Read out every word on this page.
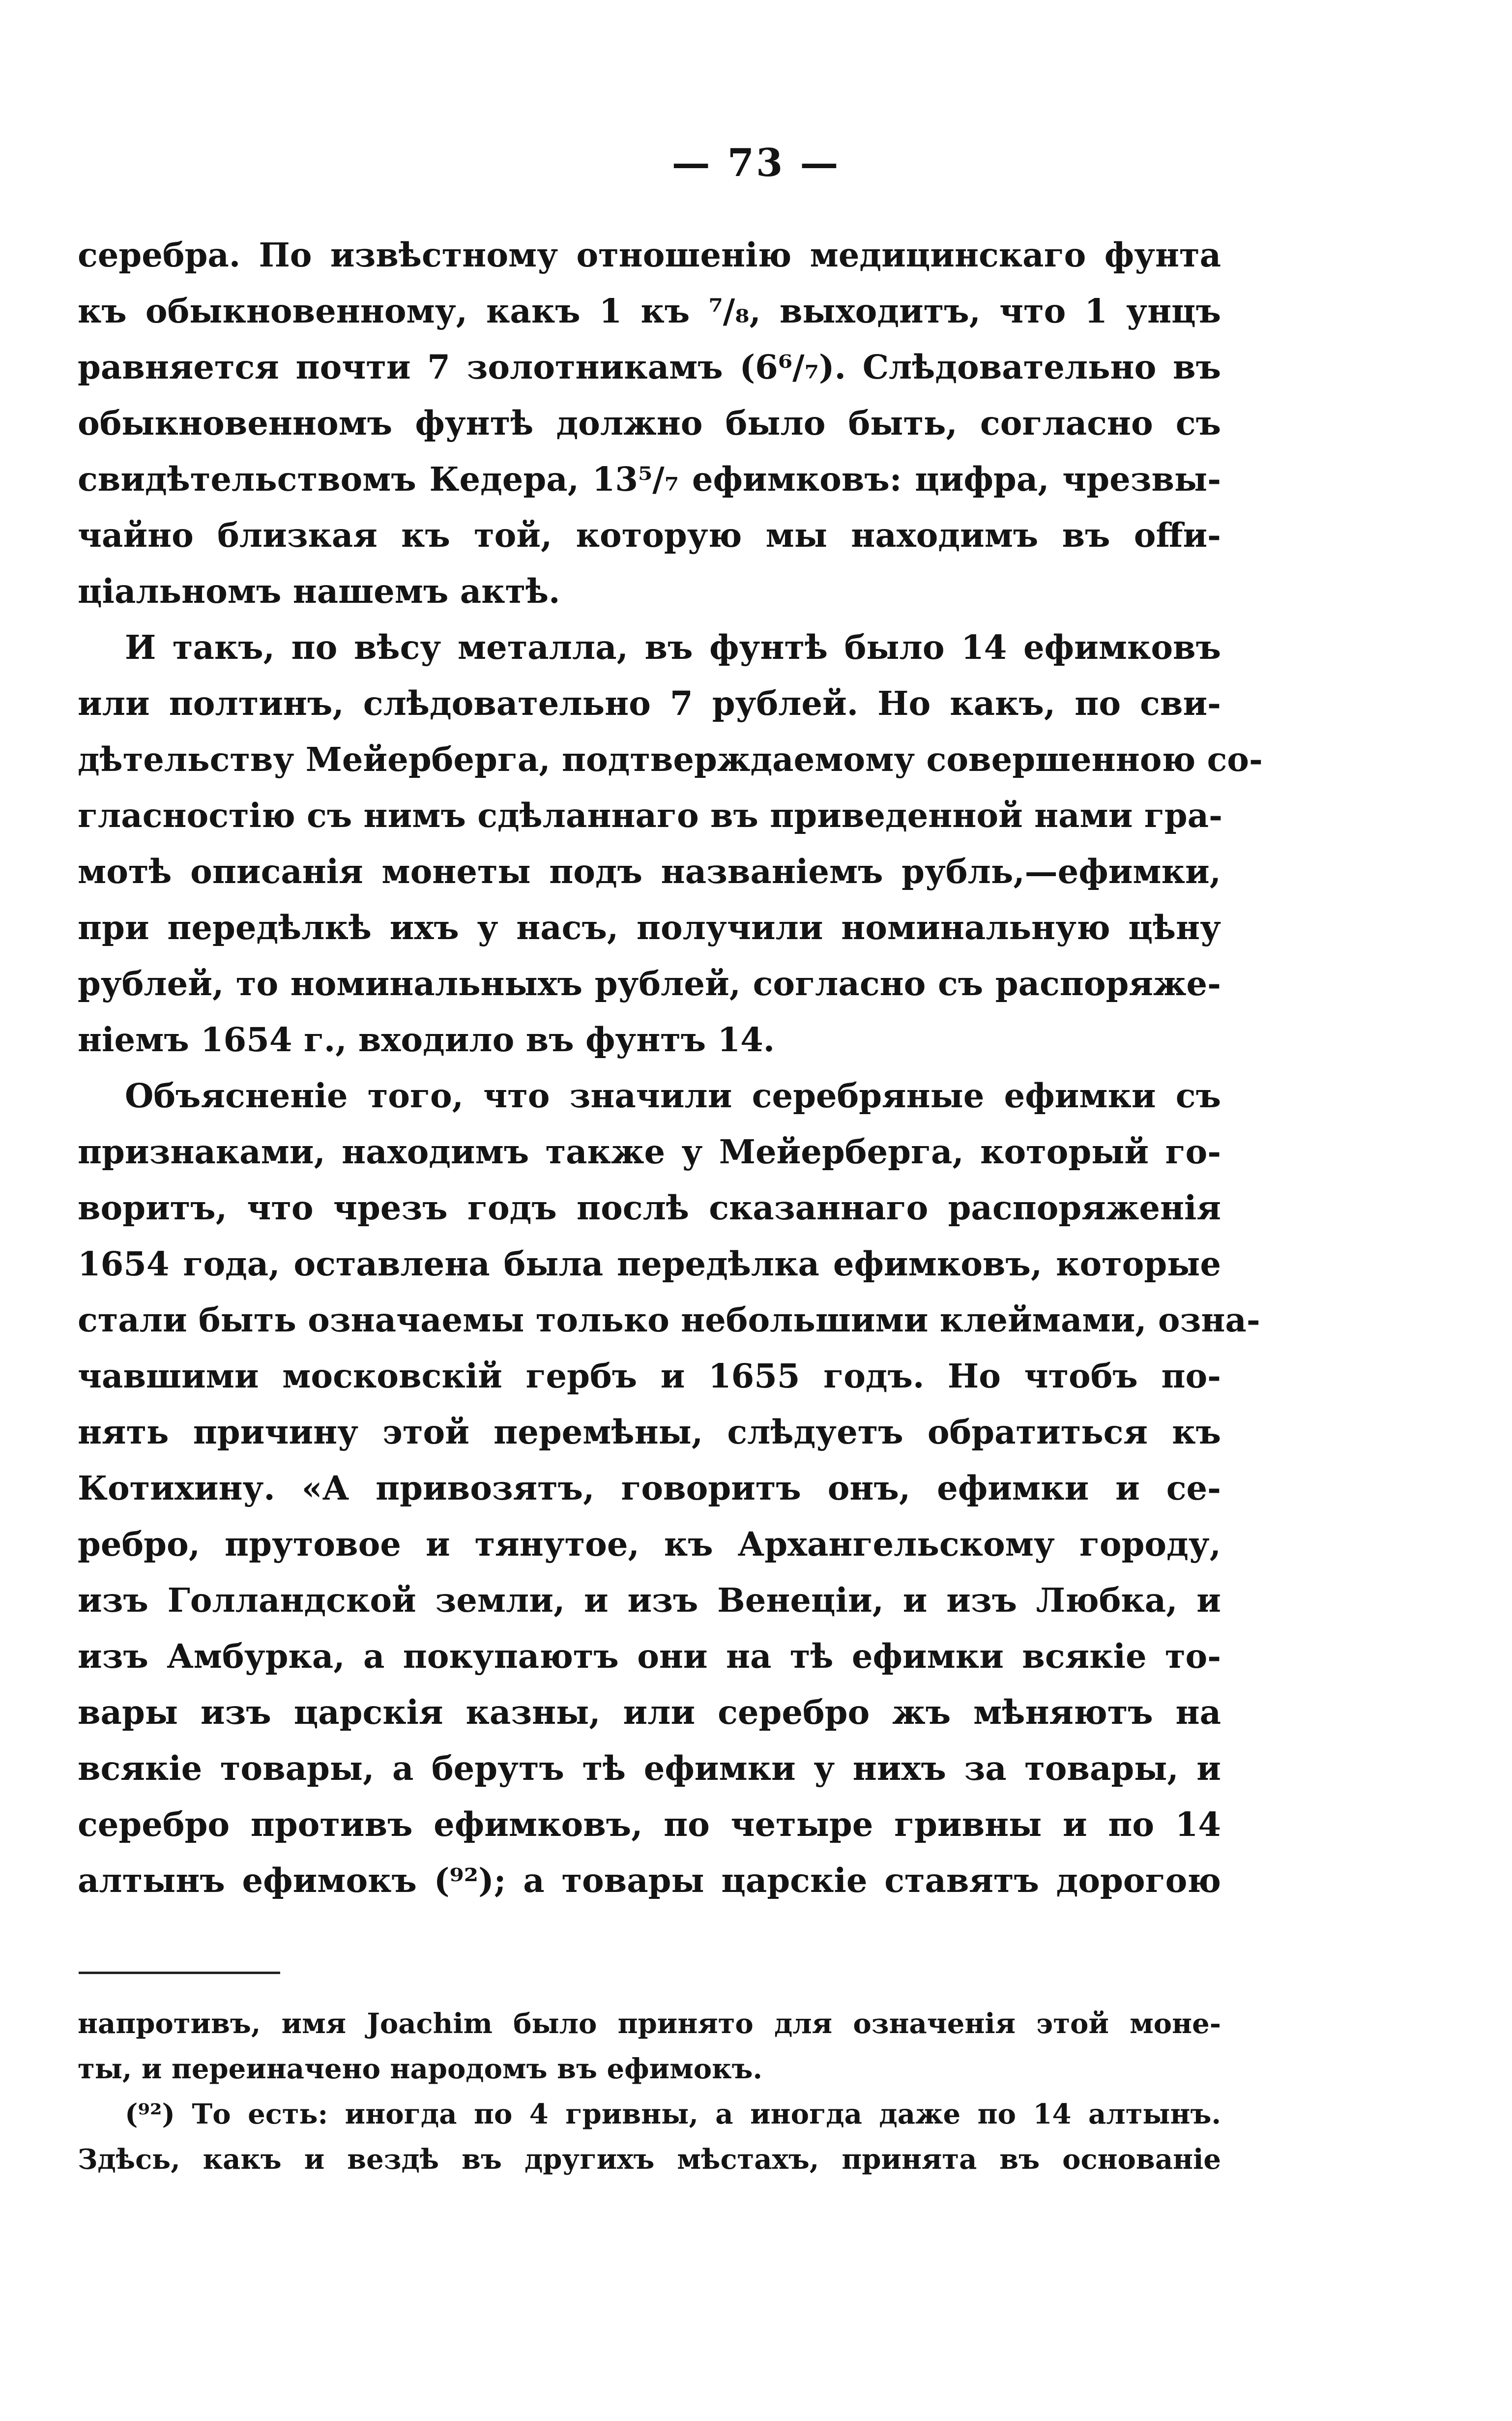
— 73 —
серебра. По извѣстному отношенію медицинскаго фунта
къ обыкновенному, какъ 1 къ ⁷/₈, выходитъ, что 1 унцъ
равняется почти 7 золотникамъ (6⁶/₇). Слѣдовательно въ
обыкновенномъ фунтѣ должно было быть, согласно съ
свидѣтельствомъ Кедера, 13⁵/₇ ефимковъ: цифра, чрезвы-
чайно близкая къ той, которую мы находимъ въ offи-
ціальномъ нашемъ актѣ.
И такъ, по вѣсу металла, въ фунтѣ было 14 ефимковъ
или полтинъ, слѣдовательно 7 рублей. Но какъ, по сви-
дѣтельству Мейерберга, подтверждаемому совершенною со-
гласностію съ нимъ сдѣланнаго въ приведенной нами гра-
мотѣ описанія монеты подъ названіемъ рубль,—ефимки,
при передѣлкѣ ихъ у насъ, получили номинальную цѣну
рублей, то номинальныхъ рублей, согласно съ распоряже-
ніемъ 1654 г., входило въ фунтъ 14.
Объясненіе того, что значили серебряные ефимки съ
признаками, находимъ также у Мейерберга, который го-
воритъ, что чрезъ годъ послѣ сказаннаго распоряженія
1654 года, оставлена была передѣлка ефимковъ, которые
стали быть означаемы только небольшими клеймами, озна-
чавшими московскій гербъ и 1655 годъ. Но чтобъ по-
нять причину этой перемѣны, слѣдуетъ обратиться къ
Котихину. «А привозятъ, говоритъ онъ, ефимки и се-
ребро, прутовое и тянутое, къ Архангельскому городу,
изъ Голландской земли, и изъ Венеціи, и изъ Любка, и
изъ Амбурка, а покупаютъ они на тѣ ефимки всякіе то-
вары изъ царскія казны, или серебро жъ мѣняютъ на
всякіе товары, а берутъ тѣ ефимки у нихъ за товары, и
серебро противъ ефимковъ, по четыре гривны и по 14
алтынъ ефимокъ (⁹²); а товары царскіе ставятъ дорогою
напротивъ, имя Joachim было принято для означенія этой моне-
ты, и переиначено народомъ въ ефимокъ.
(⁹²) То есть: иногда по 4 гривны, а иногда даже по 14 алтынъ.
Здѣсь, какъ и вездѣ въ другихъ мѣстахъ, принята въ основаніе
